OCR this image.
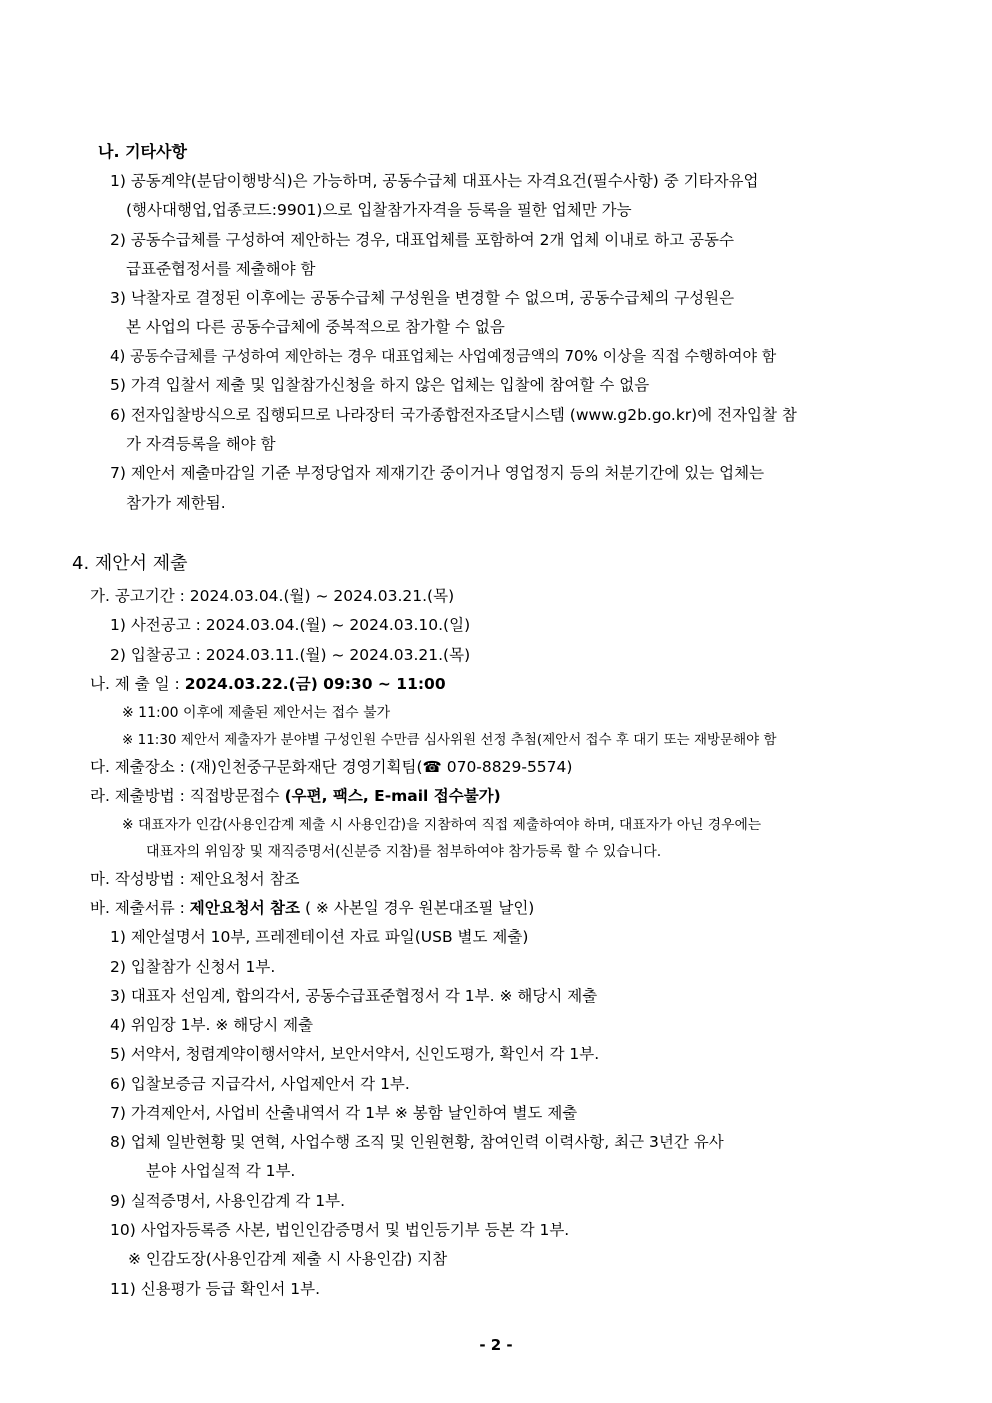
나. 기타사항
1) 공동계약(분담이행방식)은 가능하며, 공동수급체 대표사는 자격요건(필수사항) 중 기타자유업
(행사대행업,업종코드:9901)으로 입찰참가자격을 등록을 필한 업체만 가능
2) 공동수급체를 구성하여 제안하는 경우, 대표업체를 포함하여 2개 업체 이내로 하고 공동수
급표준협정서를 제출해야 함
3) 낙찰자로 결정된 이후에는 공동수급체 구성원을 변경할 수 없으며, 공동수급체의 구성원은
본 사업의 다른 공동수급체에 중복적으로 참가할 수 없음
4) 공동수급체를 구성하여 제안하는 경우 대표업체는 사업예정금액의 70% 이상을 직접 수행하여야 함
5) 가격 입찰서 제출 및 입찰참가신청을 하지 않은 업체는 입찰에 참여할 수 없음
6) 전자입찰방식으로 집행되므로 나라장터 국가종합전자조달시스템 (www.g2b.go.kr)에 전자입찰 참
가 자격등록을 해야 함
7) 제안서 제출마감일 기준 부정당업자 제재기간 중이거나 영업정지 등의 처분기간에 있는 업체는
참가가 제한됨.
4. 제안서 제출
가. 공고기간 : 2024.03.04.(월) ~ 2024.03.21.(목)
1) 사전공고 : 2024.03.04.(월) ~ 2024.03.10.(일)
2) 입찰공고 : 2024.03.11.(월) ~ 2024.03.21.(목)
나. 제 출 일 : 2024.03.22.(금) 09:30 ~ 11:00
※ 11:00 이후에 제출된 제안서는 접수 불가
※ 11:30 제안서 제출자가 분야별 구성인원 수만큼 심사위원 선정 추첨(제안서 접수 후 대기 또는 재방문해야 함
다. 제출장소 : (재)인천중구문화재단 경영기획팀(☎ 070-8829-5574)
라. 제출방법 : 직접방문접수 (우편, 팩스, E-mail 접수불가)
※ 대표자가 인감(사용인감계 제출 시 사용인감)을 지참하여 직접 제출하여야 하며, 대표자가 아닌 경우에는
대표자의 위임장 및 재직증명서(신분증 지참)를 첨부하여야 참가등록 할 수 있습니다.
마. 작성방법 : 제안요청서 참조
바. 제출서류 : 제안요청서 참조 ( ※ 사본일 경우 원본대조필 날인)
1) 제안설명서 10부, 프레젠테이션 자료 파일(USB 별도 제출)
2) 입찰참가 신청서 1부.
3) 대표자 선임계, 합의각서, 공동수급표준협정서 각 1부. ※ 해당시 제출
4) 위임장 1부. ※ 해당시 제출
5) 서약서, 청렴계약이행서약서, 보안서약서, 신인도평가, 확인서 각 1부.
6) 입찰보증금 지급각서, 사업제안서 각 1부.
7) 가격제안서, 사업비 산출내역서 각 1부 ※ 봉함 날인하여 별도 제출
8) 업체 일반현황 및 연혁, 사업수행 조직 및 인원현황, 참여인력 이력사항, 최근 3년간 유사
분야 사업실적 각 1부.
9) 실적증명서, 사용인감계 각 1부.
10) 사업자등록증 사본, 법인인감증명서 및 법인등기부 등본 각 1부.
※ 인감도장(사용인감계 제출 시 사용인감) 지참
11) 신용평가 등급 확인서 1부.
- 2 -
